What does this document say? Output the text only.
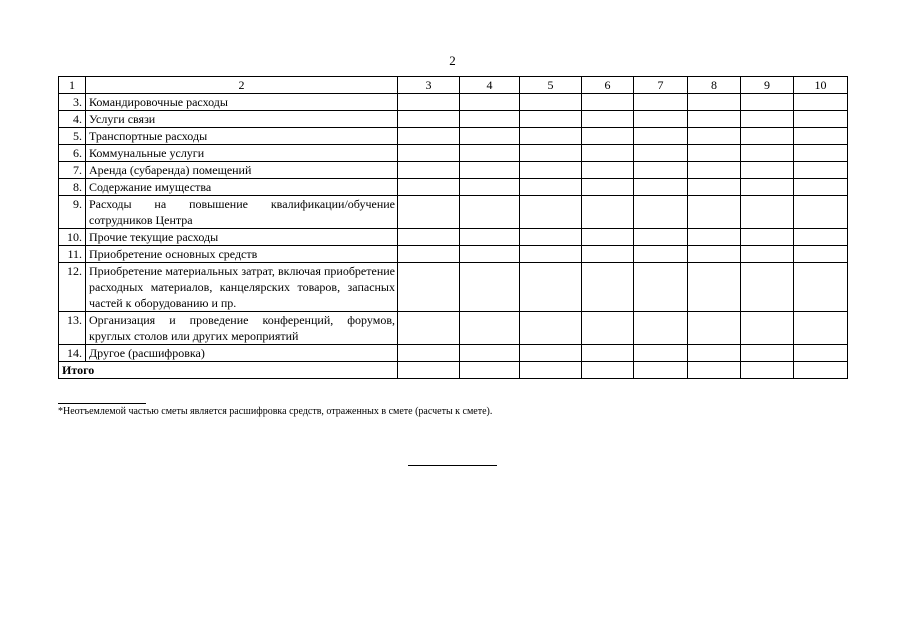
2
1	2	3	4	5	6	7	8	9	10
3.	Командировочные расходы								
4.	Услуги связи								
5.	Транспортные расходы								
6.	Коммунальные услуги								
7.	Аренда (субаренда) помещений								
8.	Содержание имущества								
9.	Расходы на повышение квалификации/обучение сотрудников Центра								
10.	Прочие текущие расходы								
11.	Приобретение основных средств								
12.	Приобретение материальных затрат, включая приобретение расходных материалов, канцелярских товаров, запасных частей к оборудованию и пр.								
13.	Организация и проведение конференций, форумов, круглых столов или других мероприятий								
14.	Другое (расшифровка)								
Итого									
*Неотъемлемой частью сметы является расшифровка средств, отраженных в смете (расчеты к смете).
